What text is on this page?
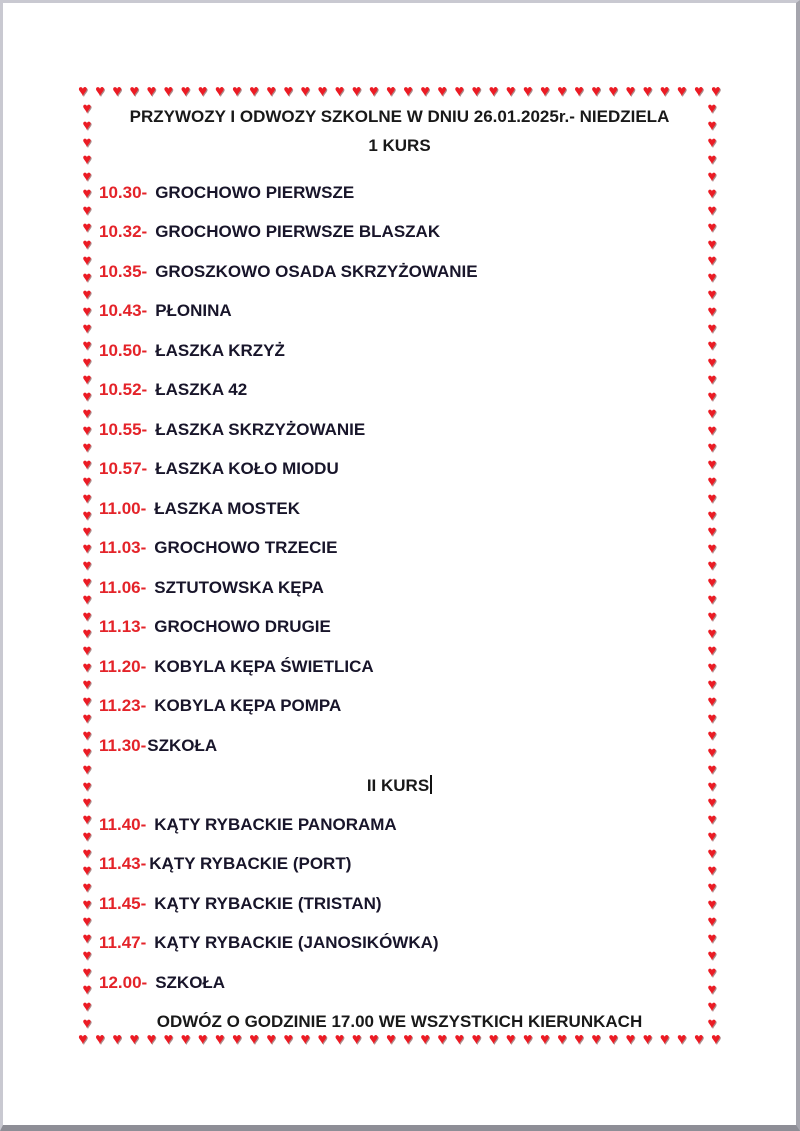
♥ ♥ ♥ ♥ ♥ ♥ ♥ ♥ ♥ ♥ ♥ ♥ ♥ ♥ ♥ ♥ ♥ ♥ ♥ ♥ ♥ ♥ ♥ ♥ ♥ ♥ ♥ ♥ ♥ ♥ ♥ ♥ ♥ ♥ ♥ ♥ ♥ ♥
♥ ♥ ♥ ♥ ♥ ♥ ♥ ♥ ♥ ♥ ♥ ♥ ♥ ♥ ♥ ♥ ♥ ♥ ♥ ♥ ♥ ♥ ♥ ♥ ♥ ♥ ♥ ♥ ♥ ♥ ♥ ♥ ♥ ♥ ♥ ♥ ♥ ♥
♥
♥
♥
♥
♥
♥
♥
♥
♥
♥
♥
♥
♥
♥
♥
♥
♥
♥
♥
♥
♥
♥
♥
♥
♥
♥
♥
♥
♥
♥
♥
♥
♥
♥
♥
♥
♥
♥
♥
♥
♥
♥
♥
♥
♥
♥
♥
♥
♥
♥
♥
♥
♥
♥
♥
♥
♥
♥
♥
♥
♥
♥
♥
♥
♥
♥
♥
♥
♥
♥
♥
♥
♥
♥
♥
♥
♥
♥
♥
♥
♥
♥
♥
♥
♥
♥
♥
♥
♥
♥
♥
♥
♥
♥
♥
♥
♥
♥
♥
♥
♥
♥
♥
♥
♥
♥
♥
♥
♥
♥
PRZYWOZY I ODWOZY SZKOLNE W DNIU 26.01.2025r.- NIEDZIELA
1 KURS
10.30- GROCHOWO PIERWSZE
10.32- GROCHOWO PIERWSZE BLASZAK
10.35- GROSZKOWO OSADA SKRZYŻOWANIE
10.43- PŁONINA
10.50- ŁASZKA KRZYŻ
10.52- ŁASZKA 42
10.55- ŁASZKA SKRZYŻOWANIE
10.57- ŁASZKA KOŁO MIODU
11.00- ŁASZKA MOSTEK
11.03- GROCHOWO TRZECIE
11.06- SZTUTOWSKA KĘPA
11.13- GROCHOWO DRUGIE
11.20- KOBYLA KĘPA ŚWIETLICA
11.23- KOBYLA KĘPA POMPA
11.30- SZKOŁA
II KURS
11.40- KĄTY RYBACKIE PANORAMA
11.43- KĄTY RYBACKIE (PORT)
11.45- KĄTY RYBACKIE (TRISTAN)
11.47- KĄTY RYBACKIE (JANOSIKÓWKA)
12.00- SZKOŁA
ODWÓZ O GODZINIE 17.00 WE WSZYSTKICH KIERUNKACH
